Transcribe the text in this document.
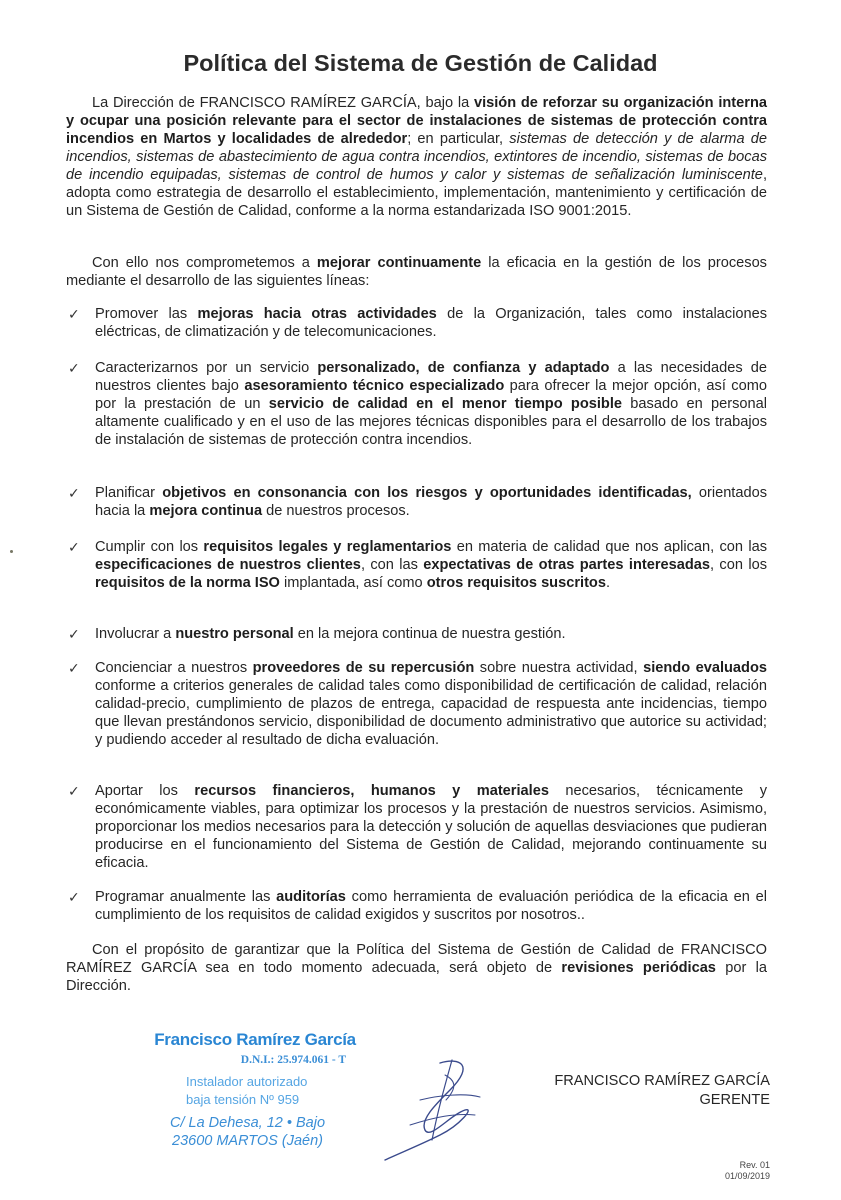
Política del Sistema de Gestión de Calidad

La Dirección de FRANCISCO RAMÍREZ GARCÍA, bajo la visión de reforzar su organización interna y ocupar una posición relevante para el sector de instalaciones de sistemas de protección contra incendios en Martos y localidades de alrededor; en particular, sistemas de detección y de alarma de incendios, sistemas de abastecimiento de agua contra incendios, extintores de incendio, sistemas de bocas de incendio equipadas, sistemas de control de humos y calor y sistemas de señalización luminiscente, adopta como estrategia de desarrollo el establecimiento, implementación, mantenimiento y certificación de un Sistema de Gestión de Calidad, conforme a la norma estandarizada ISO 9001:2015.

Con ello nos comprometemos a mejorar continuamente la eficacia en la gestión de los procesos mediante el desarrollo de las siguientes líneas:

✓ Promover las mejoras hacia otras actividades de la Organización, tales como instalaciones eléctricas, de climatización y de telecomunicaciones.
✓ Caracterizarnos por un servicio personalizado, de confianza y adaptado a las necesidades de nuestros clientes bajo asesoramiento técnico especializado para ofrecer la mejor opción, así como por la prestación de un servicio de calidad en el menor tiempo posible basado en personal altamente cualificado y en el uso de las mejores técnicas disponibles para el desarrollo de los trabajos de instalación de sistemas de protección contra incendios.
✓ Planificar objetivos en consonancia con los riesgos y oportunidades identificadas, orientados hacia la mejora continua de nuestros procesos.
✓ Cumplir con los requisitos legales y reglamentarios en materia de calidad que nos aplican, con las especificaciones de nuestros clientes, con las expectativas de otras partes interesadas, con los requisitos de la norma ISO implantada, así como otros requisitos suscritos.
✓ Involucrar a nuestro personal en la mejora continua de nuestra gestión.
✓ Concienciar a nuestros proveedores de su repercusión sobre nuestra actividad, siendo evaluados conforme a criterios generales de calidad tales como disponibilidad de certificación de calidad, relación calidad-precio, cumplimiento de plazos de entrega, capacidad de respuesta ante incidencias, tiempo que llevan prestándonos servicio, disponibilidad de documento administrativo que autorice su actividad; y pudiendo acceder al resultado de dicha evaluación.
✓ Aportar los recursos financieros, humanos y materiales necesarios, técnicamente y económicamente viables, para optimizar los procesos y la prestación de nuestros servicios. Asimismo, proporcionar los medios necesarios para la detección y solución de aquellas desviaciones que pudieran producirse en el funcionamiento del Sistema de Gestión de Calidad, mejorando continuamente su eficacia.
✓ Programar anualmente las auditorías como herramienta de evaluación periódica de la eficacia en el cumplimiento de los requisitos de calidad exigidos y suscritos por nosotros..

Con el propósito de garantizar que la Política del Sistema de Gestión de Calidad de FRANCISCO RAMÍREZ GARCÍA sea en todo momento adecuada, será objeto de revisiones periódicas por la Dirección.

Francisco Ramírez García
D.N.I.: 25.974.061 - T
Instalador autorizado
baja tensión Nº 959
C/ La Dehesa, 12 • Bajo
23600 MARTOS (Jaén)
FRANCISCO RAMÍREZ GARCÍA
GERENTE
Rev. 01
01/09/2019
